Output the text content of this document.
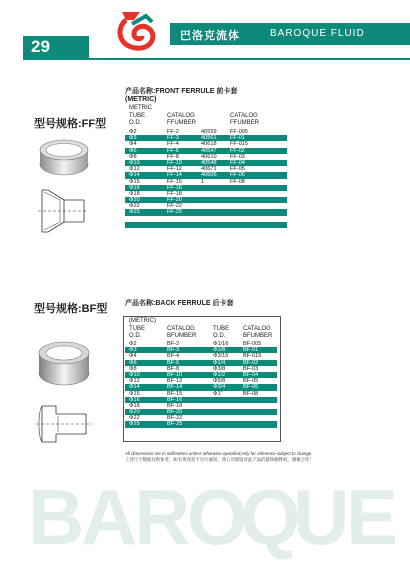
巴洛克流体	BAROQUE FLUID
29
型号规格:FF型
产品名称:FRONT FERRULE 前卡套
(METRIC)
METRIC
TUBE
O.D.
CATALOG
FFUMBER
CATALOG
FFUMBER
Φ2	FF-2	40559 FF-005
Φ3	FF-3	40561 FF-01
Φ4	FF-4	40618 FF-015
Φ6	FF-6	40547 FF-02
Φ8	FF-8	40610 FF-03
Φ10	FF-10	40548 FF-04
Φ12	FF-12	40671 FF-05
Φ14	FF-14	40606 FF-06
Φ15	FF-15	1	FF-08
Φ16	FF-16
Φ18	FF-18
Φ20	FF-20
Φ22	FF-22
Φ25	FF-25
型号规格:BF型	产品名称:BACK FERRULE 后卡套
(METRIC)
TUBE
O.D.
CATALOG
BFUMBER
TUBE
O.D.
CATALOG
BFUMBER
Φ2	BF-2	Φ1/16	BF-005
Φ3	BF-3	Φ1/8	BF-01
Φ4	BF-4	Φ3/16	BF-015
Φ6	BF-6	Φ1/4	BF-02
Φ8	BF-8	Φ3/8	BF-03
Φ10	BF-10	Φ1/2	BF-04
Φ12	BF-12	Φ5/8	BF-05
Φ14	BF-14	Φ3/4	BF-06
Φ15	BF-15	Φ1"	BF-08
Φ16	BF-16
Φ18	BF-18
Φ20	BF-20
Φ22	BF-22
Φ25	BF-25
All dimensions are in millimeters unless otherwise specified,only for reference subject to change.
上述尺寸数据仅供参考，如有更改恕不另行通知，我公司保留对此产品的最终解释权，谢谢合作！
B
A
R
O
Q
U
E
